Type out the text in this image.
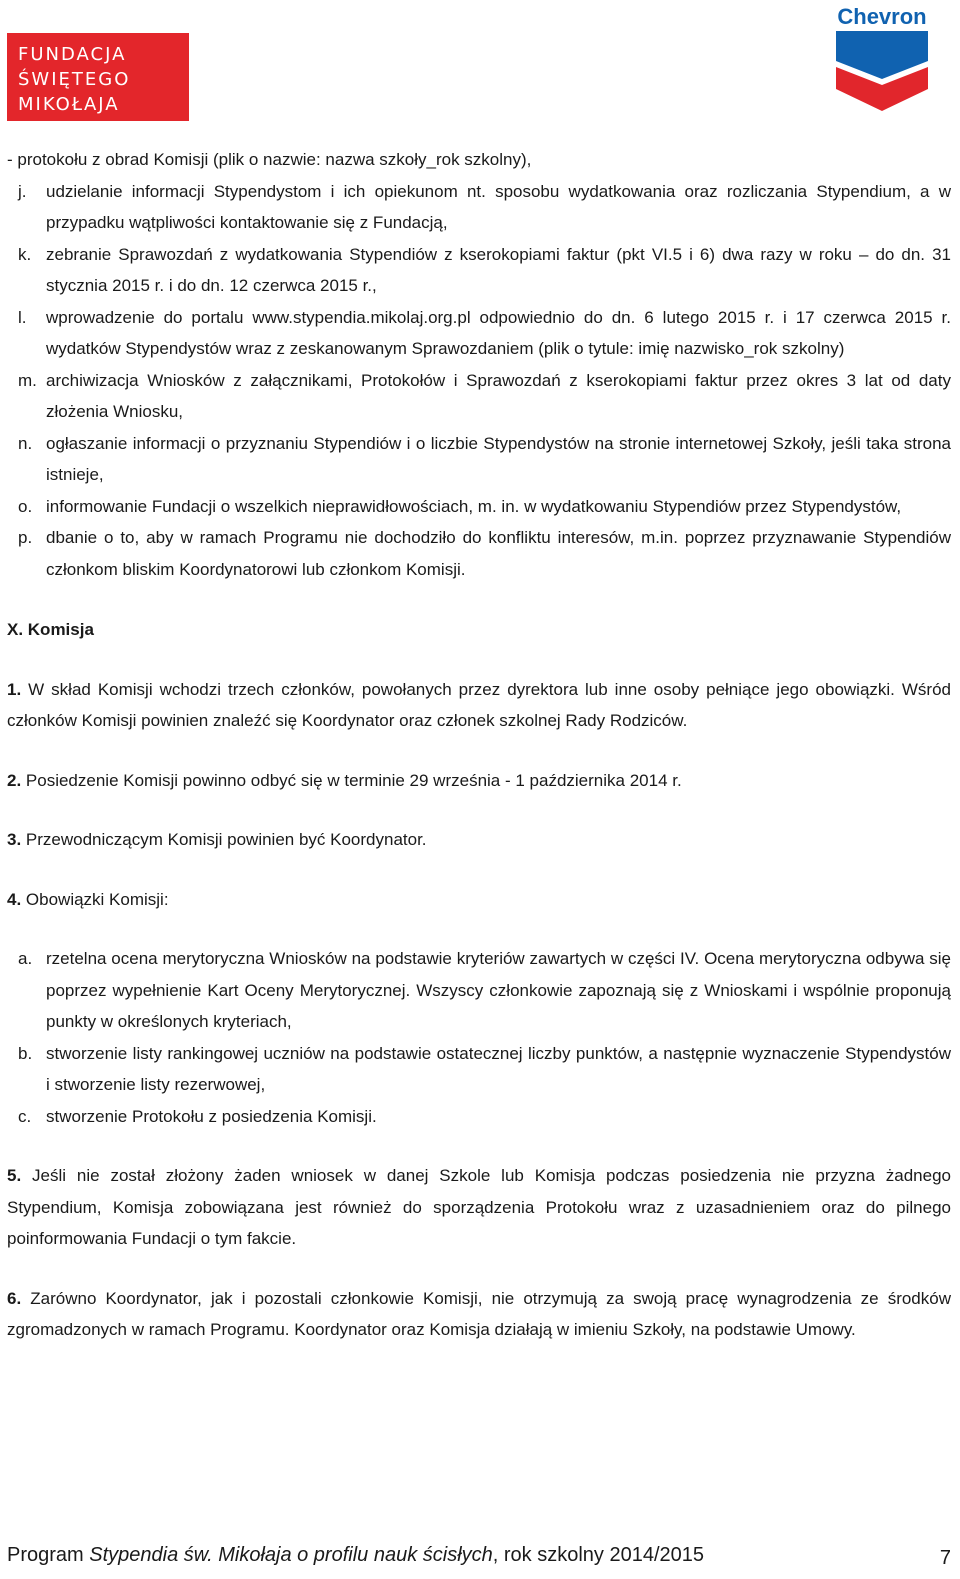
FUNDACJA
ŚWIĘTEGO
MIKOŁAJA
Chevron
- protokołu z obrad Komisji (plik o nazwie: nazwa szkoły_rok szkolny),
j. udzielanie informacji Stypendystom i ich opiekunom nt. sposobu wydatkowania oraz rozliczania Stypendium, a w przypadku wątpliwości kontaktowanie się z Fundacją,
k. zebranie Sprawozdań z wydatkowania Stypendiów z kserokopiami faktur (pkt VI.5 i 6) dwa razy w roku – do dn. 31 stycznia 2015 r. i do dn. 12 czerwca 2015 r.,
l. wprowadzenie do portalu www.stypendia.mikolaj.org.pl odpowiednio do dn. 6 lutego 2015 r. i 17 czerwca 2015 r. wydatków Stypendystów wraz z zeskanowanym Sprawozdaniem (plik o tytule: imię nazwisko_rok szkolny)
m. archiwizacja Wniosków z załącznikami, Protokołów i Sprawozdań z kserokopiami faktur przez okres 3 lat od daty złożenia Wniosku,
n. ogłaszanie informacji o przyznaniu Stypendiów i o liczbie Stypendystów na stronie internetowej Szkoły, jeśli taka strona istnieje,
o. informowanie Fundacji o wszelkich nieprawidłowościach, m. in. w wydatkowaniu Stypendiów przez Stypendystów,
p. dbanie o to, aby w ramach Programu nie dochodziło do konfliktu interesów, m.in. poprzez przyznawanie Stypendiów członkom bliskim Koordynatorowi lub członkom Komisji.
X. Komisja
1. W skład Komisji wchodzi trzech członków, powołanych przez dyrektora lub inne osoby pełniące jego obowiązki. Wśród członków Komisji powinien znaleźć się Koordynator oraz członek szkolnej Rady Rodziców.
2. Posiedzenie Komisji powinno odbyć się w terminie 29 września - 1 października 2014 r.
3. Przewodniczącym Komisji powinien być Koordynator.
4. Obowiązki Komisji:
a. rzetelna ocena merytoryczna Wniosków na podstawie kryteriów zawartych w części IV. Ocena merytoryczna odbywa się poprzez wypełnienie Kart Oceny Merytorycznej. Wszyscy członkowie zapoznają się z Wnioskami i wspólnie proponują punkty w określonych kryteriach,
b. stworzenie listy rankingowej uczniów na podstawie ostatecznej liczby punktów, a następnie wyznaczenie Stypendystów i stworzenie listy rezerwowej,
c. stworzenie Protokołu z posiedzenia Komisji.
5. Jeśli nie został złożony żaden wniosek w danej Szkole lub Komisja podczas posiedzenia nie przyzna żadnego Stypendium, Komisja zobowiązana jest również do sporządzenia Protokołu wraz z uzasadnieniem oraz do pilnego poinformowania Fundacji o tym fakcie.
6. Zarówno Koordynator, jak i pozostali członkowie Komisji, nie otrzymują za swoją pracę wynagrodzenia ze środków zgromadzonych w ramach Programu. Koordynator oraz Komisja działają w imieniu Szkoły, na podstawie Umowy.
Program Stypendia św. Mikołaja o profilu nauk ścisłych, rok szkolny 2014/2015	7
